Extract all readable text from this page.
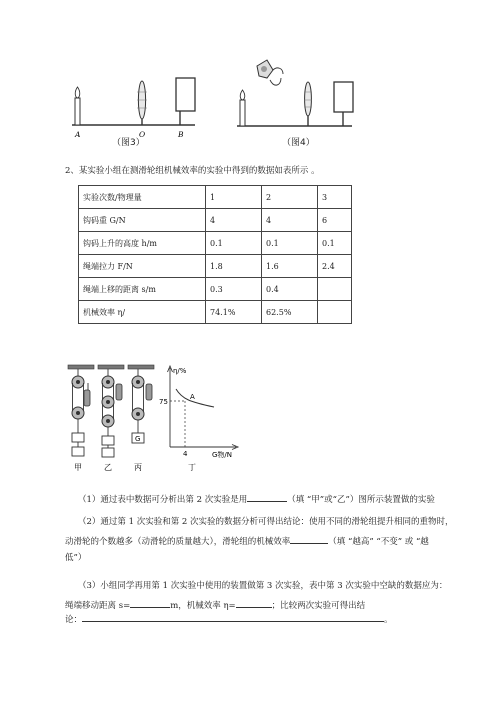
A	O	B
（图3）	（图4）
2、某实验小组在测滑轮组机械效率的实验中得到的数据如表所示 。
实验次数/物理量	1	2	3
钩码重 G/N	4	4	6
钩码上升的高度 h/m	0.1	0.1	0.1
绳端拉力 F/N	1.8	1.6	2.4
绳端上移的距离 s/m	0.3	0.4	
机械效率 η/	74.1%	62.5%	
G
甲	乙	丙
η/%
75
A
4	G物/N
丁
（1）通过表中数据可分析出第 2 次实验是用	（填 “甲”或“乙”）图所示装置做的实验
（2）通过第 1 次实验和第 2 次实验的数据分析可得出结论：使用不同的滑轮组提升相同的重物时，
动滑轮的个数越多（动滑轮的质量越大），滑轮组的机械效率	（填 “越高” “不变” 或 “越
低”）
（3）小组同学再用第 1 次实验中使用的装置做第 3 次实验，表中第 3 次实验中空缺的数据应为：
绳端移动距离 s=	m，机械效率 η=	；比较两次实验可得出结
论：	。
